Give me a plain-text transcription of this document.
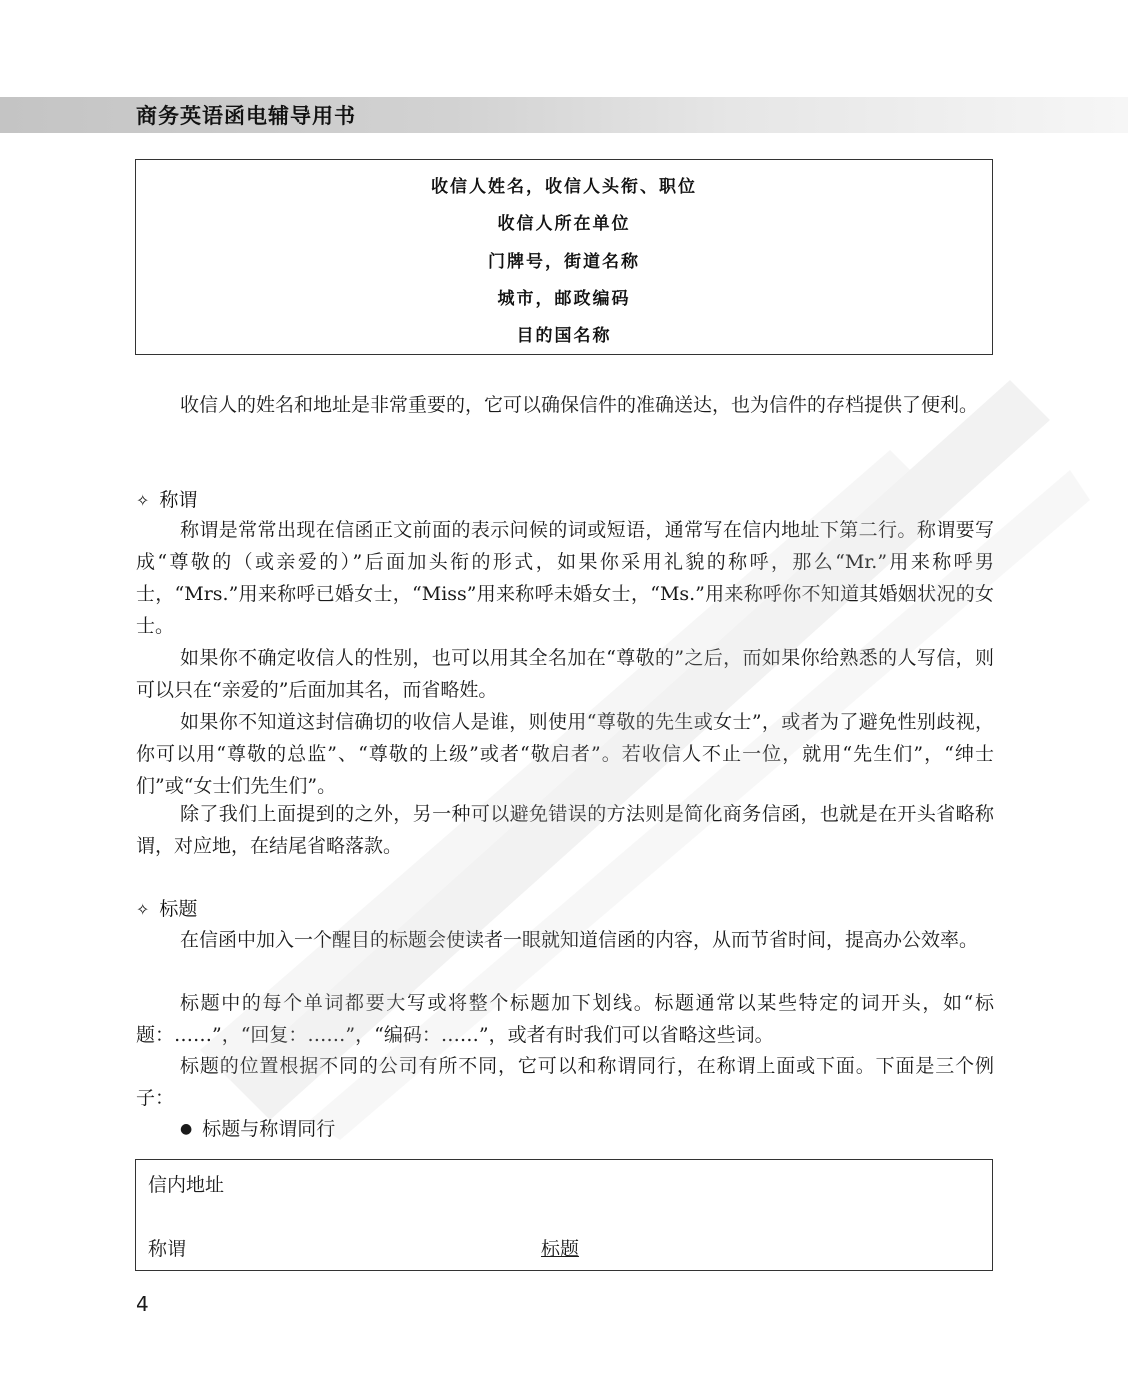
商务英语函电辅导用书
收信人姓名，收信人头衔、职位
收信人所在单位
门牌号，街道名称
城市，邮政编码
目的国名称

收信人的姓名和地址是非常重要的，它可以确保信件的准确送达，也为信件的存档提供了便利。

✧ 称谓

称谓是常常出现在信函正文前面的表示问候的词或短语，通常写在信内地址下第二行。称谓要写成“尊敬的（或亲爱的）”后面加头衔的形式，如果你采用礼貌的称呼，那么“Mr.”用来称呼男士，“Mrs.”用来称呼已婚女士，“Miss”用来称呼未婚女士，“Ms.”用来称呼你不知道其婚姻状况的女士。

如果你不确定收信人的性别，也可以用其全名加在“尊敬的”之后，而如果你给熟悉的人写信，则可以只在“亲爱的”后面加其名，而省略姓。

如果你不知道这封信确切的收信人是谁，则使用“尊敬的先生或女士”，或者为了避免性别歧视，你可以用“尊敬的总监”、“尊敬的上级”或者“敬启者”。若收信人不止一位，就用“先生们”，“绅士们”或“女士们先生们”。

除了我们上面提到的之外，另一种可以避免错误的方法则是简化商务信函，也就是在开头省略称谓，对应地，在结尾省略落款。

✧ 标题

在信函中加入一个醒目的标题会使读者一眼就知道信函的内容，从而节省时间，提高办公效率。

标题中的每个单词都要大写或将整个标题加下划线。标题通常以某些特定的词开头，如“标题：……”，“回复：……”，“编码：……”，或者有时我们可以省略这些词。

标题的位置根据不同的公司有所不同，它可以和称谓同行，在称谓上面或下面。下面是三个例子：

● 标题与称谓同行
信内地址
称谓	标题
4
